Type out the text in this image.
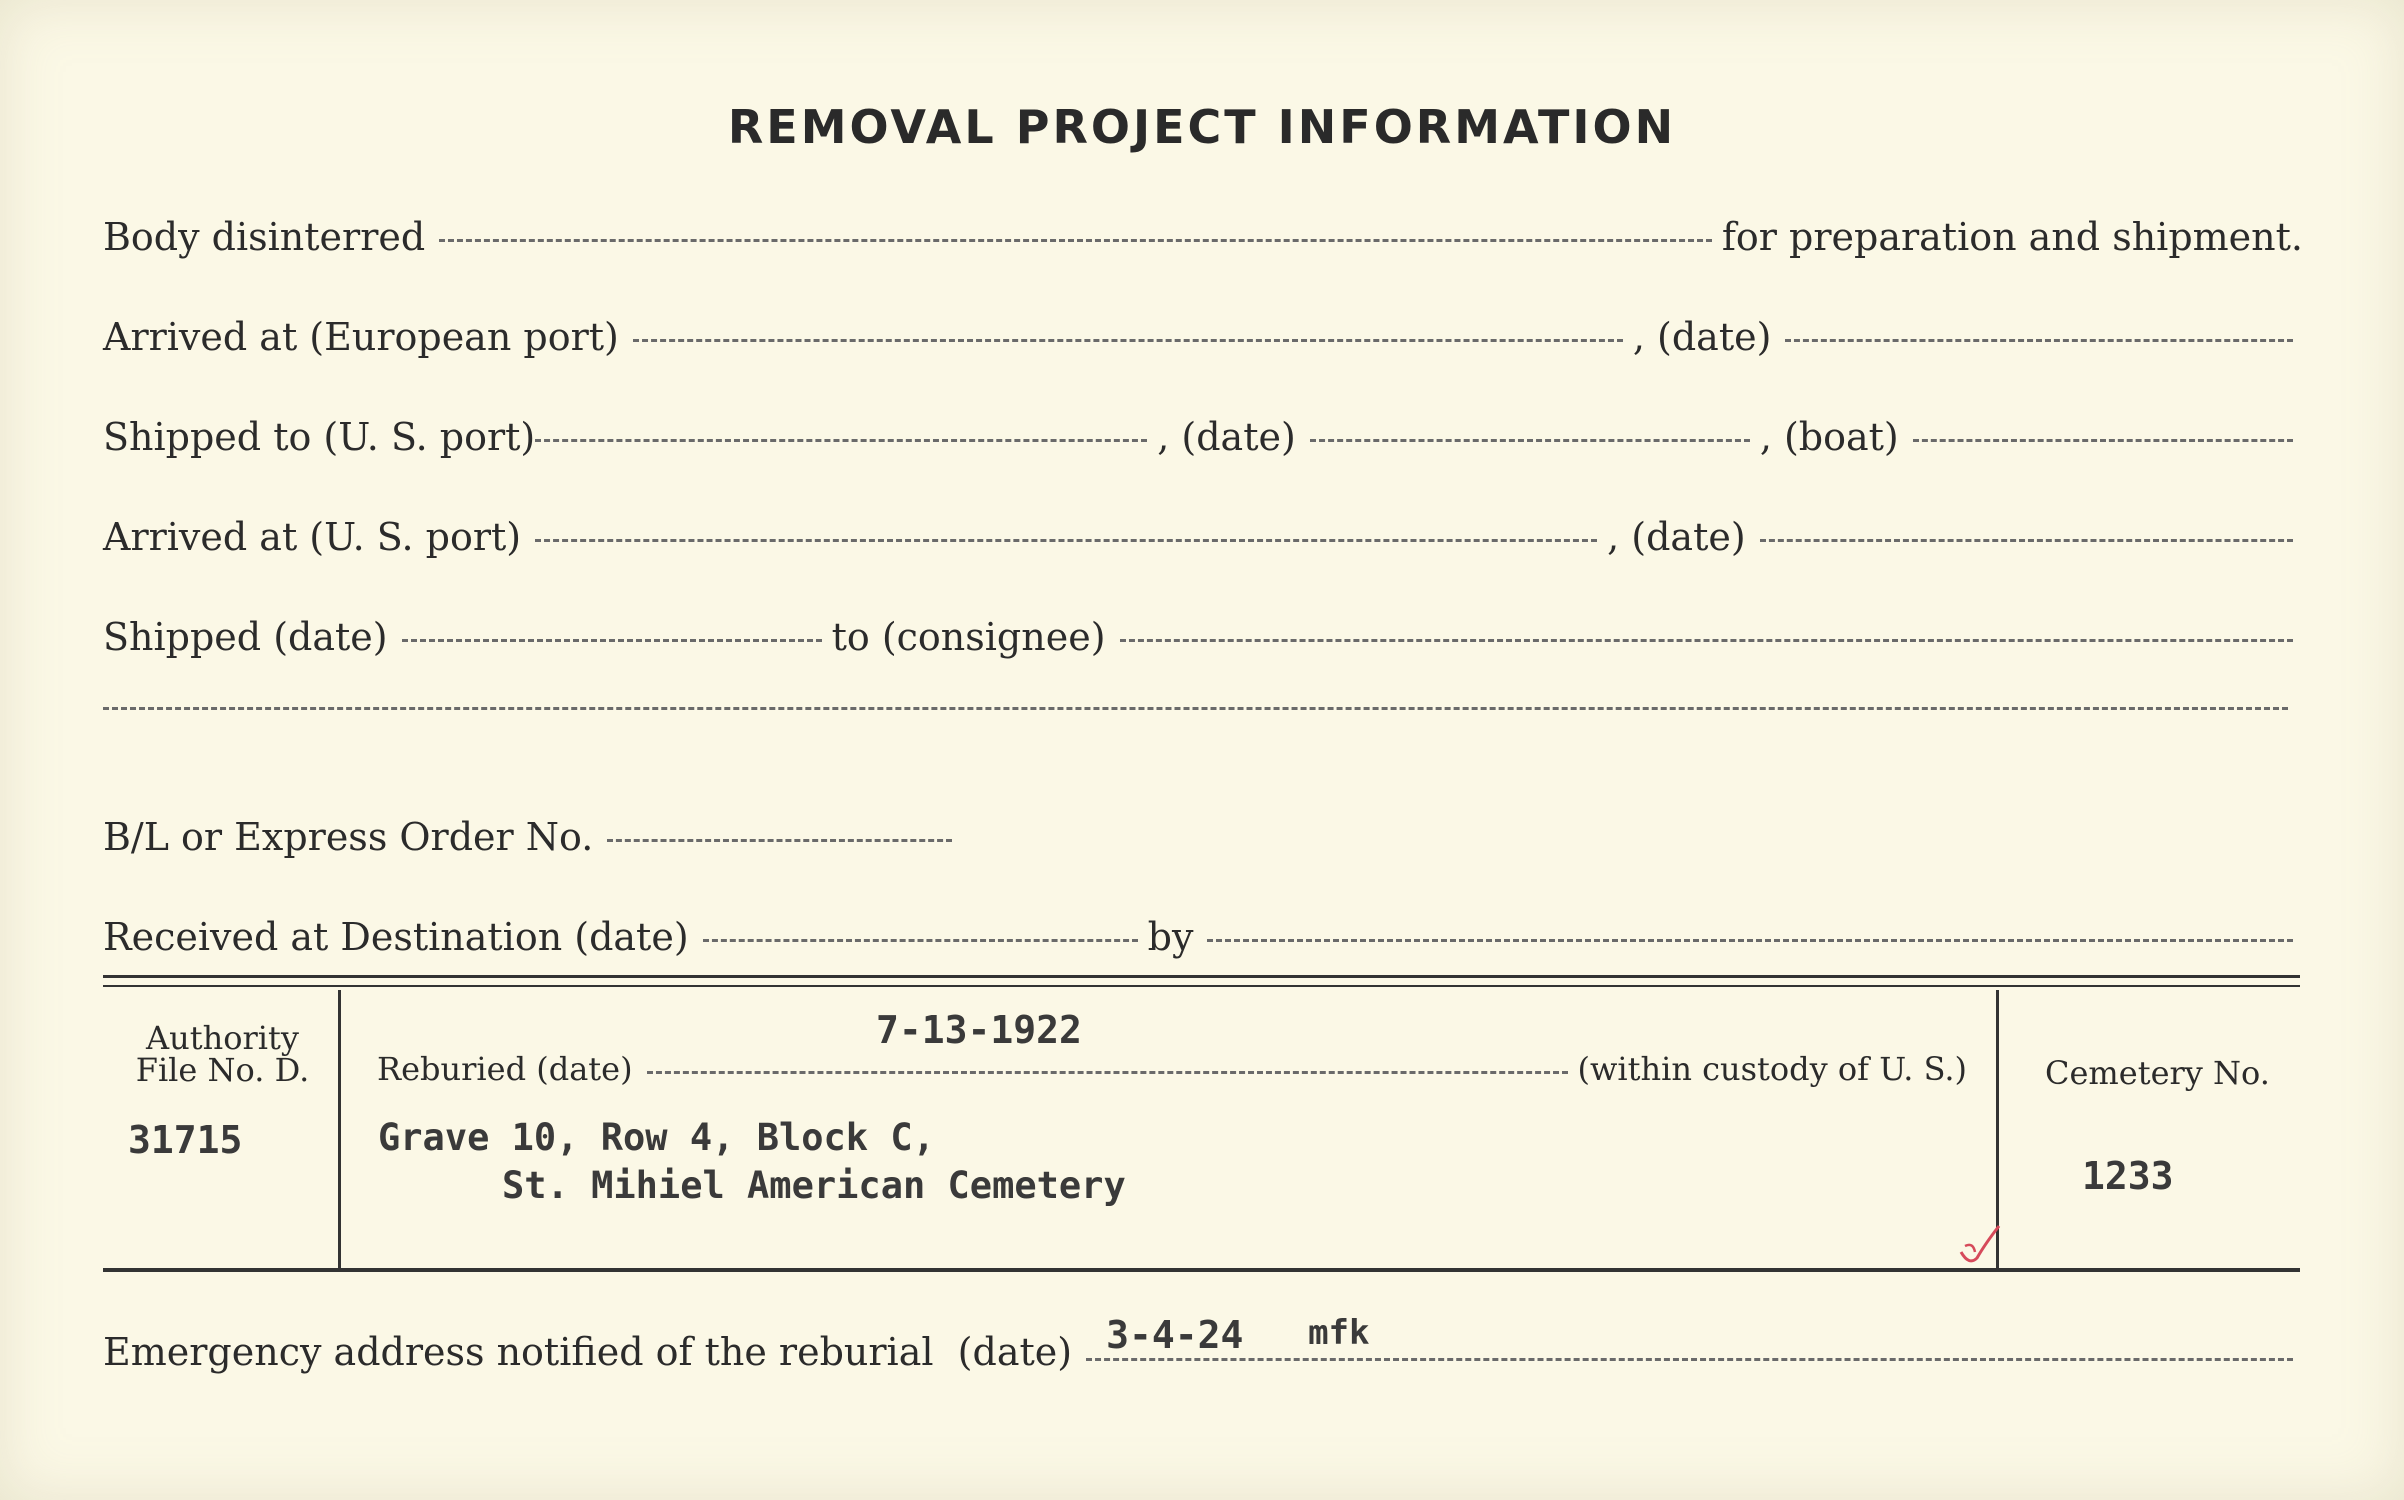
REMOVAL PROJECT INFORMATION
Body disinterred	for preparation and shipment.
Arrived at (European port)	, (date)
Shipped to (U. S. port)	, (date)	, (boat)
Arrived at (U. S. port)	, (date)
Shipped (date)	to (consignee)
B/L or Express Order No.
Received at Destination (date)	by
Authority
File No. D.
31715
7-13-1922
Reburied (date)	(within custody of U. S.)
Grave 10, Row 4, Block C,
St. Mihiel American Cemetery
Cemetery No.
1233
Emergency address notified of the reburial  (date) 3-4-24 mfk
